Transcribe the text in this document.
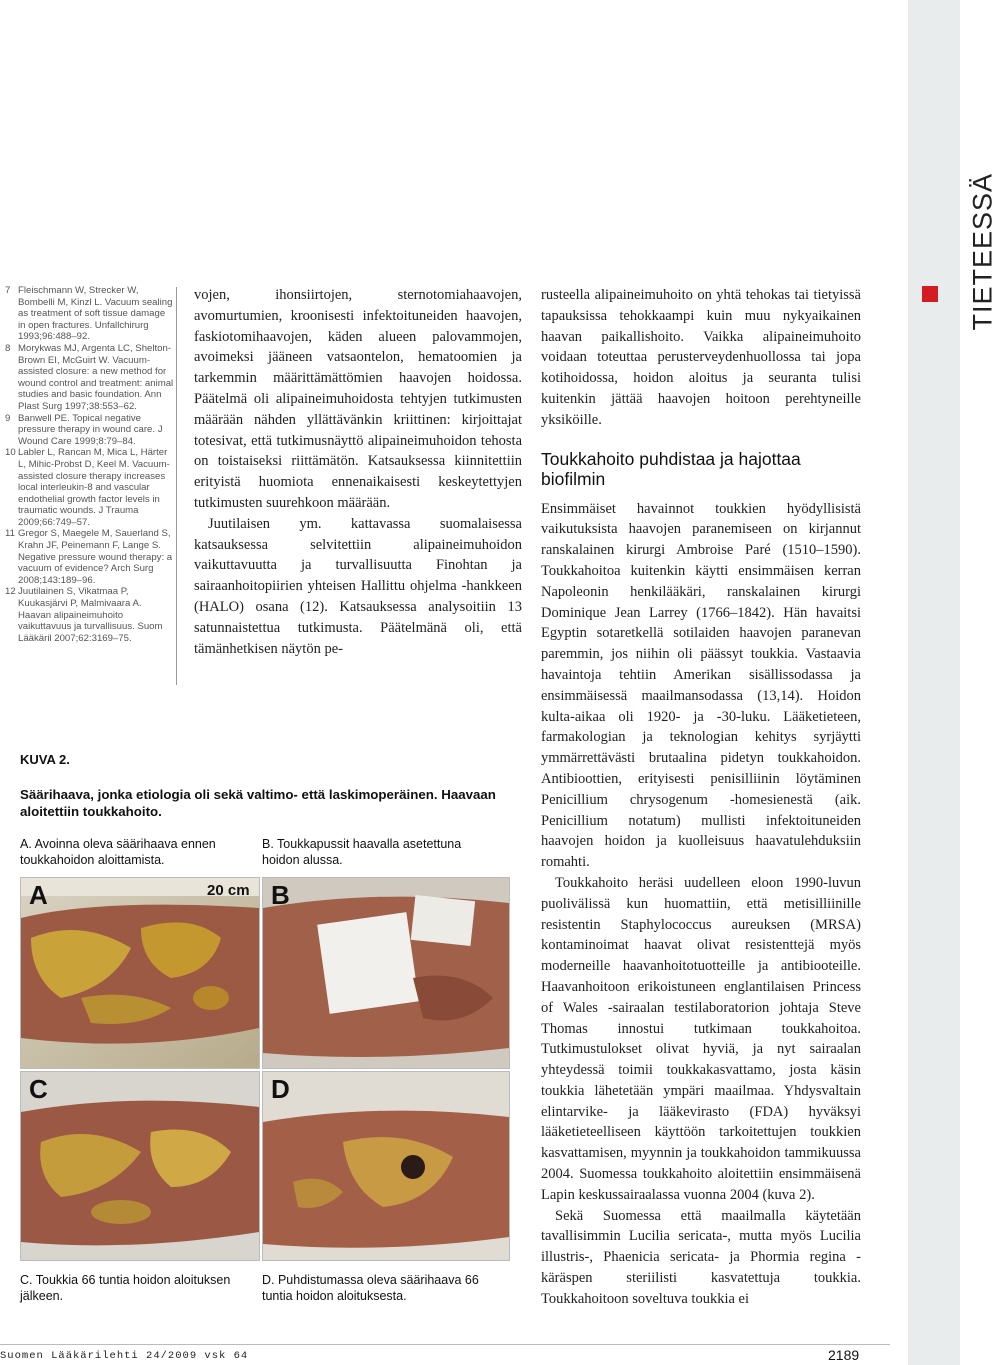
TIETEESSÄ
7 Fleischmann W, Strecker W, Bombelli M, Kinzl L. Vacuum sealing as treatment of soft tissue damage in open fractures. Unfallchirurg 1993;96:488–92.
8 Morykwas MJ, Argenta LC, Shelton-Brown EI, McGuirt W. Vacuum-assisted closure: a new method for wound control and treatment: animal studies and basic foundation. Ann Plast Surg 1997;38:553–62.
9 Banwell PE. Topical negative pressure therapy in wound care. J Wound Care 1999;8:79–84.
10 Labler L, Rancan M, Mica L, Härter L, Mihic-Probst D, Keel M. Vacuum-assisted closure therapy increases local interleukin-8 and vascular endothelial growth factor levels in traumatic wounds. J Trauma 2009;66:749–57.
11 Gregor S, Maegele M, Sauerland S, Krahn JF, Peinemann F, Lange S. Negative pressure wound therapy: a vacuum of evidence? Arch Surg 2008;143:189–96.
12 Juutilainen S, Vikatmaa P, Kuukasjärvi P, Malmivaara A. Haavan alipaineimuhoito vaikuttavuus ja turvallisuus. Suom Lääkäril 2007;62:3169–75.

vojen, ihonsiirtojen, sternotomiahaavojen, avomurtumien, kroonisesti infektoituneiden haavojen, faskiotomihaavojen, käden alueen palovammojen, avoimeksi jääneen vatsaontelon, hematoomien ja tarkemmin määrittämättömien haavojen hoidossa. Päätelmä oli alipaineimuhoidosta tehtyjen tutkimusten määrään nähden yllättävänkin kriittinen: kirjoittajat totesivat, että tutkimusnäyttö alipaineimuhoidon tehosta on toistaiseksi riittämätön. Katsauksessa kiinnitettiin erityistä huomiota ennenaikaisesti keskeytettyjen tutkimusten suurehkoon määrään.

Juutilaisen ym. kattavassa suomalaisessa katsauksessa selvitettiin alipaineimuhoidon vaikuttavuutta ja turvallisuutta Finohtan ja sairaanhoitopiirien yhteisen Hallittu ohjelma -hankkeen (HALO) osana (12). Katsauksessa analysoitiin 13 satunnaistettua tutkimusta. Päätelmänä oli, että tämänhetkisen näytön pe-

rusteella alipaineimuhoito on yhtä tehokas tai tietyissä tapauksissa tehokkaampi kuin muu nykyaikainen haavan paikallishoito. Vaikka alipaineimuhoito voidaan toteuttaa perusterveydenhuollossa tai jopa kotihoidossa, hoidon aloitus ja seuranta tulisi kuitenkin jättää haavojen hoitoon perehtyneille yksiköille.

Toukkahoito puhdistaa ja hajottaa biofilmin

Ensimmäiset havainnot toukkien hyödyllisistä vaikutuksista haavojen paranemiseen on kirjannut ranskalainen kirurgi Ambroise Paré (1510–1590). Toukkahoitoa kuitenkin käytti ensimmäisen kerran Napoleonin henkilääkäri, ranskalainen kirurgi Dominique Jean Larrey (1766–1842). Hän havaitsi Egyptin sotaretkellä sotilaiden haavojen paranevan paremmin, jos niihin oli päässyt toukkia. Vastaavia havaintoja tehtiin Amerikan sisällissodassa ja ensimmäisessä maailmansodassa (13,14). Hoidon kulta-aikaa oli 1920- ja -30-luku. Lääketieteen, farmakologian ja teknologian kehitys syrjäytti ymmärrettävästi brutaalina pidetyn toukkahoidon. Antibioottien, erityisesti penisilliinin löytäminen Penicillium chrysogenum -homesienestä (aik. Penicillium notatum) mullisti infektoituneiden haavojen hoidon ja kuolleisuus haavatulehduksiin romahti.

Toukkahoito heräsi uudelleen eloon 1990-luvun puolivälissä kun huomattiin, että metisilliinille resistentin Staphylococcus aureuksen (MRSA) kontaminoimat haavat olivat resistenttejä myös moderneille haavanhoitotuotteille ja antibiooteille. Haavanhoitoon erikoistuneen englantilaisen Princess of Wales -sairaalan testilaboratorion johtaja Steve Thomas innostui tutkimaan toukkahoitoa. Tutkimustulokset olivat hyviä, ja nyt sairaalan yhteydessä toimii toukkakasvattamo, josta käsin toukkia lähetetään ympäri maailmaa. Yhdysvaltain elintarvike- ja lääkevirasto (FDA) hyväksyi lääketieteelliseen käyttöön tarkoitettujen toukkien kasvattamisen, myynnin ja toukkahoidon tammikuussa 2004. Suomessa toukkahoito aloitettiin ensimmäisenä Lapin keskussairaalassa vuonna 2004 (kuva 2).

Sekä Suomessa että maailmalla käytetään tavallisimmin Lucilia sericata-, mutta myös Lucilia illustris-, Phaenicia sericata- ja Phormia regina -käräspen steriilisti kasvatettuja toukkia. Toukkahoitoon soveltuva toukkia ei

KUVA 2.
Säärihaava, jonka etiologia oli sekä valtimo- että laskimoperäinen. Haavaan aloitettiin toukkahoito.
A. Avoinna oleva säärihaava ennen toukkahoidon aloittamista.
B. Toukkapussit haavalla asetettuna hoidon alussa.
A	20 cm B
C	D
C. Toukkia 66 tuntia hoidon aloituksen jälkeen.
D. Puhdistumassa oleva säärihaava 66 tuntia hoidon aloituksesta.
Suomen Lääkärilehti 24/2009 vsk 64	2189
